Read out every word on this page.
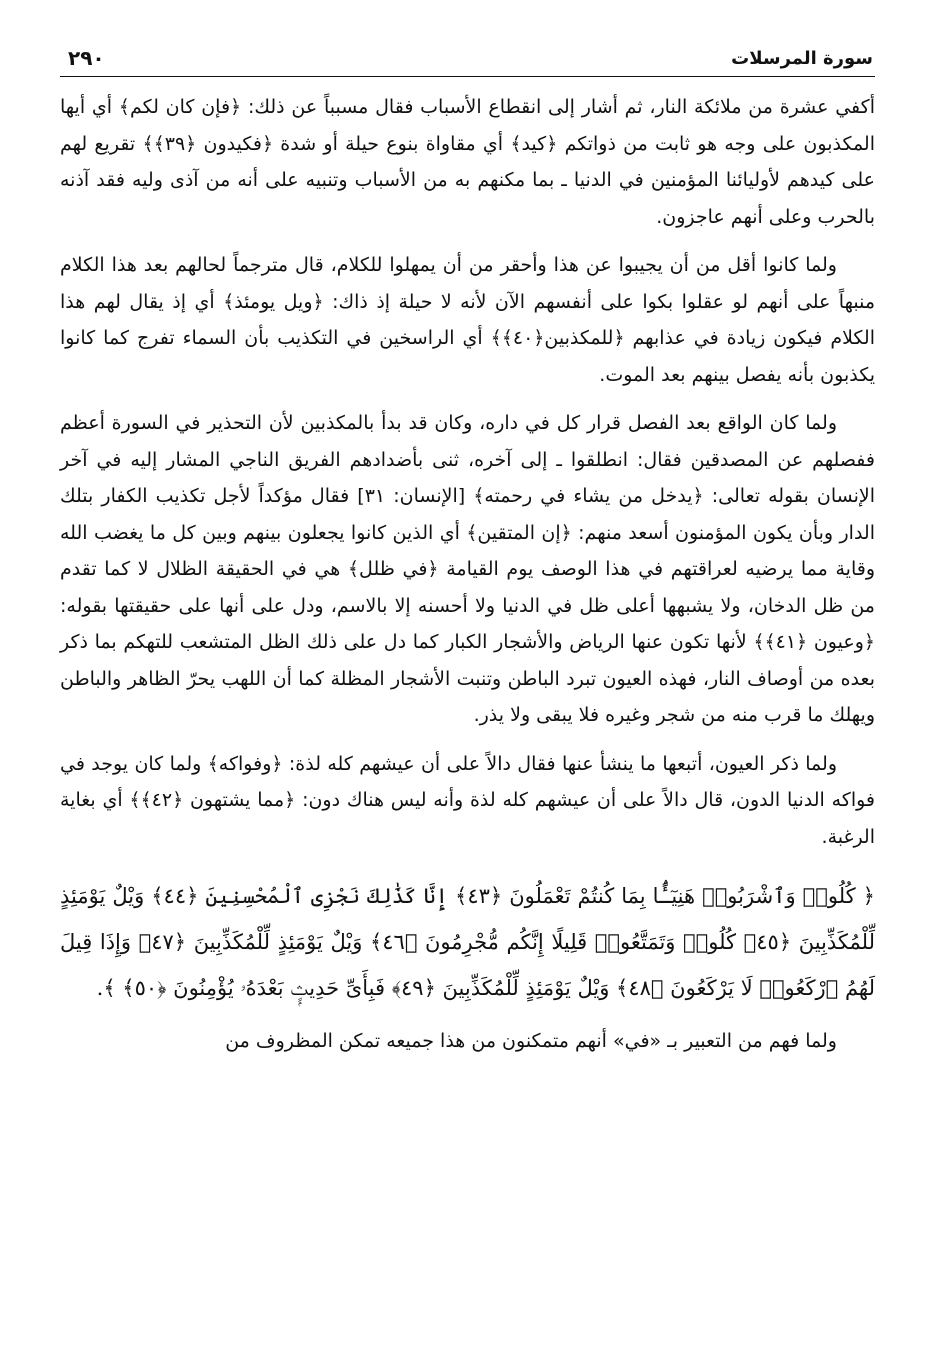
سورة المرسلات
٢٩٠

أكفي عشرة من ملائكة النار، ثم أشار إلى انقطاع الأسباب فقال مسبباً عن ذلك: ﴿فإن كان لكم﴾ أي أيها المكذبون على وجه هو ثابت من ذواتكم ﴿كيد﴾ أي مقاواة بنوع حيلة أو شدة ﴿فكيدون ﴿٣٩﴾﴾ تقريع لهم على كيدهم لأوليائنا المؤمنين في الدنيا ـ بما مكنهم به من الأسباب وتنبيه على أنه من آذى وليه فقد آذنه بالحرب وعلى أنهم عاجزون.

ولما كانوا أقل من أن يجيبوا عن هذا وأحقر من أن يمهلوا للكلام، قال مترجماً لحالهم بعد هذا الكلام منبهاً على أنهم لو عقلوا بكوا على أنفسهم الآن لأنه لا حيلة إذ ذاك: ﴿ويل يومئذ﴾ أي إذ يقال لهم هذا الكلام فيكون زيادة في عذابهم ﴿للمكذبين﴿٤٠﴾﴾ أي الراسخين في التكذيب بأن السماء تفرج كما كانوا يكذبون بأنه يفصل بينهم بعد الموت.

ولما كان الواقع بعد الفصل قرار كل في داره، وكان قد بدأ بالمكذبين لأن التحذير في السورة أعظم ففصلهم عن المصدقين فقال: انطلقوا ـ إلى آخره، ثنى بأضدادهم الفريق الناجي المشار إليه في آخر الإنسان بقوله تعالى: ﴿يدخل من يشاء في رحمته﴾ [الإنسان: ٣١] فقال مؤكداً لأجل تكذيب الكفار بتلك الدار وبأن يكون المؤمنون أسعد منهم: ﴿إن المتقين﴾ أي الذين كانوا يجعلون بينهم وبين كل ما يغضب الله وقاية مما يرضيه لعراقتهم في هذا الوصف يوم القيامة ﴿في ظلل﴾ هي في الحقيقة الظلال لا كما تقدم من ظل الدخان، ولا يشبهها أعلى ظل في الدنيا ولا أحسنه إلا بالاسم، ودل على أنها على حقيقتها بقوله: ﴿وعيون ﴿٤١﴾﴾ لأنها تكون عنها الرياض والأشجار الكبار كما دل على ذلك الظل المتشعب للتهكم بما ذكر بعده من أوصاف النار، فهذه العيون تبرد الباطن وتنبت الأشجار المظلة كما أن اللهب يحرّ الظاهر والباطن ويهلك ما قرب منه من شجر وغيره فلا يبقى ولا يذر.

ولما ذكر العيون، أتبعها ما ينشأ عنها فقال دالاً على أن عيشهم كله لذة: ﴿وفواكه﴾ ولما كان يوجد في فواكه الدنيا الدون، قال دالاً على أن عيشهم كله لذة وأنه ليس هناك دون: ﴿مما يشتهون ﴿٤٢﴾﴾ أي بغاية الرغبة.

﴿ كُلُوا۟ وَٱشْرَبُوا۟ هَنِيٓـًٔۢا بِمَا كُنتُمْ تَعْمَلُونَ ﴿٤٣﴾ إِنَّا كَذَٰلِكَ نَجْزِى ٱلْمُحْسِنِينَ ﴿٤٤﴾ وَيْلٌ يَوْمَئِذٍ لِّلْمُكَذِّبِينَ ﴿٤٥﴾ كُلُوا۟ وَتَمَتَّعُوا۟ قَلِيلًا إِنَّكُم مُّجْرِمُونَ ﴿٤٦﴾ وَيْلٌ يَوْمَئِذٍ لِّلْمُكَذِّبِينَ ﴿٤٧﴾ وَإِذَا قِيلَ لَهُمُ ٱرْكَعُوا۟ لَا يَرْكَعُونَ ﴿٤٨﴾ وَيْلٌ يَوْمَئِذٍ لِّلْمُكَذِّبِينَ ﴿٤٩﴾ فَبِأَىِّ حَدِيثٍۭ بَعْدَهُۥ يُؤْمِنُونَ ﴿٥٠﴾ ﴾.

ولما فهم من التعبير بـ «في» أنهم متمكنون من هذا جميعه تمكن المظروف من
